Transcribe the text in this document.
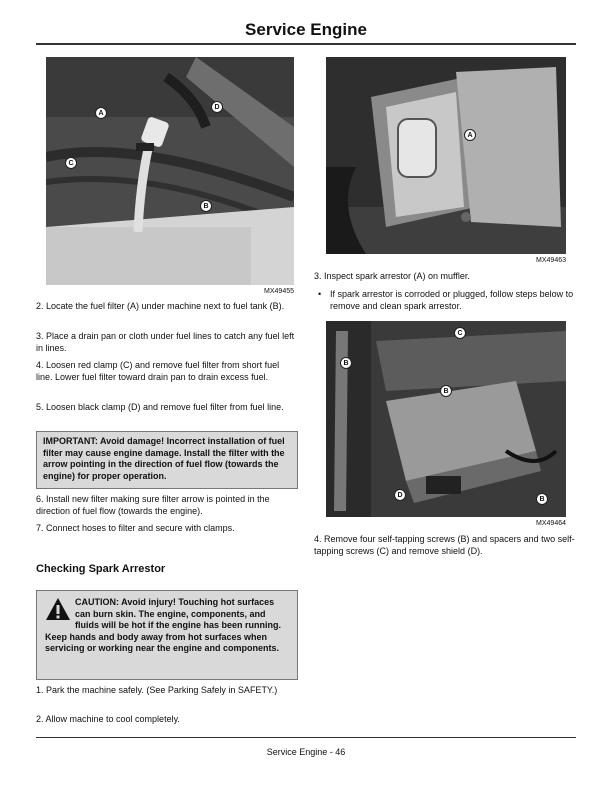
Service Engine
A
D
C
B
MX49455
2. Locate the fuel filter (A) under machine next to fuel tank (B).
3. Place a drain pan or cloth under fuel lines to catch any fuel left in lines.
4. Loosen red clamp (C) and remove fuel filter from short fuel line. Lower fuel filter toward drain pan to drain excess fuel.
5. Loosen black clamp (D) and remove fuel filter from fuel line.
IMPORTANT: Avoid damage! Incorrect installation of fuel filter may cause engine damage. Install the filter with the arrow pointing in the direction of fuel flow (towards the engine) for proper operation.
6. Install new filter making sure filter arrow is pointed in the direction of fuel flow (towards the engine).
7. Connect hoses to filter and secure with clamps.
Checking Spark Arrestor
CAUTION: Avoid injury! Touching hot surfaces can burn skin. The engine, components, and fluids will be hot if the engine has been running. Keep hands and body away from hot surfaces when servicing or working near the engine and components.
1. Park the machine safely. (See Parking Safely in SAFETY.)
2. Allow machine to cool completely.
A
MX49463
3. Inspect spark arrestor (A) on muffler.
• If spark arrestor is corroded or plugged, follow steps below to remove and clean spark arrestor.
C
B
B
D
B
MX49464
4. Remove four self-tapping screws (B) and spacers and two self-tapping screws (C) and remove shield (D).
Service Engine - 46
